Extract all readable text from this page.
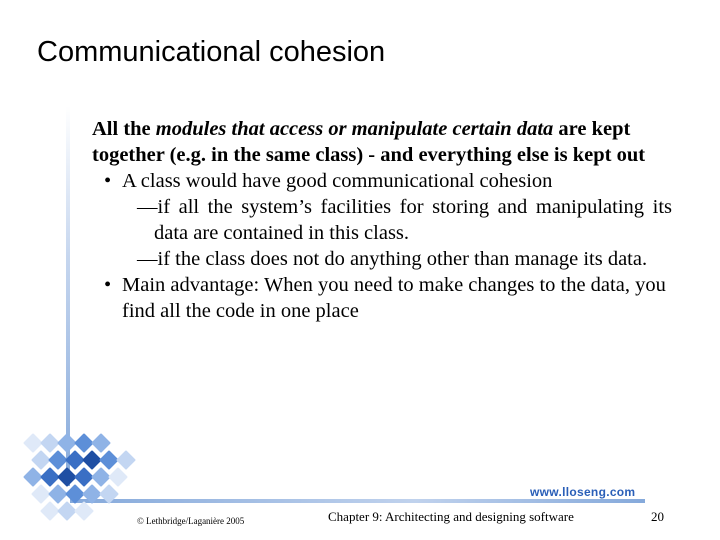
Communicational cohesion

All the modules that access or manipulate certain data are kept together (e.g. in the same class) - and everything else is kept out

• A class would have good communicational cohesion

—if all the system’s facilities for storing and manipulating its data are contained in this class.

—if the class does not do anything other than manage its data.

• Main advantage: When you need to make changes to the data, you find all the code in one place

www.lloseng.com
© Lethbridge/Laganière 2005	Chapter 9: Architecting and designing software	20
